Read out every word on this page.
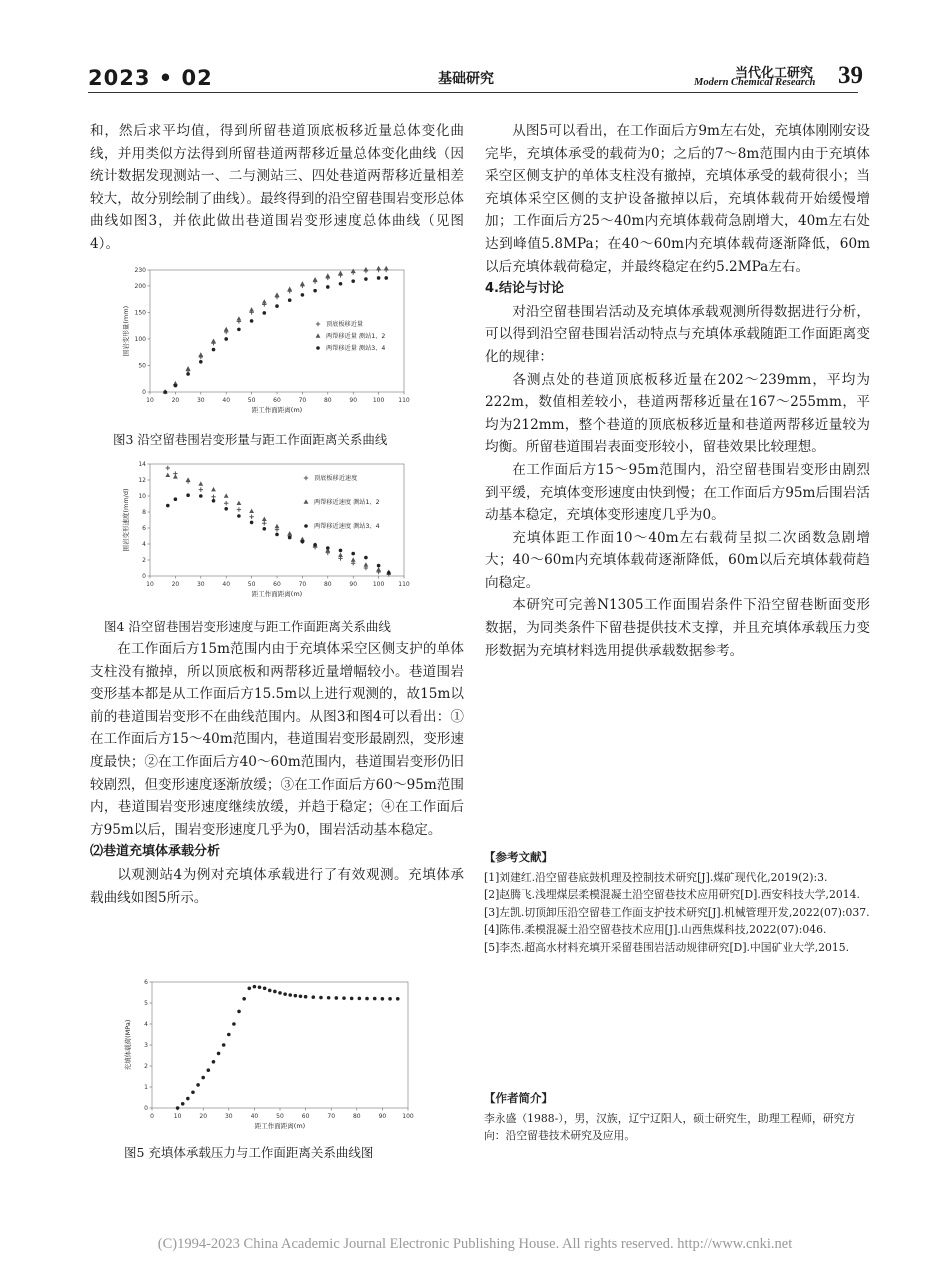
2023 • 02	基础研究	当代化工研究
Modern Chemical Research 39

和，然后求平均值，得到所留巷道顶底板移近量总体变化曲线，并用类似方法得到所留巷道两帮移近量总体变化曲线（因统计数据发现测站一、二与测站三、四处巷道两帮移近量相差较大，故分别绘制了曲线）。最终得到的沿空留巷围岩变形总体曲线如图3，并依此做出巷道围岩变形速度总体曲线（见图4）。

10	20	30	40	50	60	70	80	90	100 110
0
50
100
150
200
230
距工作面距离(m)
围岩变形量(mm)	顶底板移近量
两帮移近量 测站1、2
两帮移近量 测站3、4
图3 沿空留巷围岩变形量与距工作面距离关系曲线
10	20	30	40	50	60	70	80	90	100 110
0
2
4
6
8
10
12
14
距工作面距离(m)
围岩变形速度(mm/d)
顶底板移近速度
两帮移近速度 测站1、2
两帮移近速度 测站3、4
图4 沿空留巷围岩变形速度与距工作面距离关系曲线

在工作面后方15m范围内由于充填体采空区侧支护的单体支柱没有撤掉，所以顶底板和两帮移近量增幅较小。巷道围岩变形基本都是从工作面后方15.5m以上进行观测的，故15m以前的巷道围岩变形不在曲线范围内。从图3和图4可以看出：①在工作面后方15～40m范围内，巷道围岩变形最剧烈，变形速度最快；②在工作面后方40～60m范围内，巷道围岩变形仍旧较剧烈，但变形速度逐渐放缓；③在工作面后方60～95m范围内，巷道围岩变形速度继续放缓，并趋于稳定；④在工作面后方95m以后，围岩变形速度几乎为0，围岩活动基本稳定。

⑵巷道充填体承载分析

以观测站4为例对充填体承载进行了有效观测。充填体承载曲线如图5所示。

0	10	20	30	40	50	60	70	80	90	100
0
1
2
3
4
5
6
距工作面距离(m)
充填体载荷(MPa)
图5 充填体承载压力与工作面距离关系曲线图

从图5可以看出，在工作面后方9m左右处，充填体刚刚安设完毕，充填体承受的载荷为0；之后的7～8m范围内由于充填体采空区侧支护的单体支柱没有撤掉，充填体承受的载荷很小；当充填体采空区侧的支护设备撤掉以后，充填体载荷开始缓慢增加；工作面后方25～40m内充填体载荷急剧增大，40m左右处达到峰值5.8MPa；在40～60m内充填体载荷逐渐降低，60m以后充填体载荷稳定，并最终稳定在约5.2MPa左右。

4.结论与讨论

对沿空留巷围岩活动及充填体承载观测所得数据进行分析，可以得到沿空留巷围岩活动特点与充填体承载随距工作面距离变化的规律：

各测点处的巷道顶底板移近量在202～239mm，平均为222m，数值相差较小，巷道两帮移近量在167～255mm，平均为212mm，整个巷道的顶底板移近量和巷道两帮移近量较为均衡。所留巷道围岩表面变形较小，留巷效果比较理想。

在工作面后方15～95m范围内，沿空留巷围岩变形由剧烈到平缓，充填体变形速度由快到慢；在工作面后方95m后围岩活动基本稳定，充填体变形速度几乎为0。

充填体距工作面10～40m左右载荷呈拟二次函数急剧增大；40～60m内充填体载荷逐渐降低，60m以后充填体载荷趋向稳定。

本研究可完善N1305工作面围岩条件下沿空留巷断面变形数据，为同类条件下留巷提供技术支撑，并且充填体承载压力变形数据为充填材料选用提供承载数据参考。

【参考文献】

[1]刘建红.沿空留巷底鼓机理及控制技术研究[J].煤矿现代化,2019(2):3.

[2]赵腾飞.浅埋煤层柔模混凝土沿空留巷技术应用研究[D].西安科技大学,2014.

[3]左凯.切顶卸压沿空留巷工作面支护技术研究[J].机械管理开发,2022(07):037.

[4]陈伟.柔模混凝土沿空留巷技术应用[J].山西焦煤科技,2022(07):046.

[5]李杰.超高水材料充填开采留巷围岩活动规律研究[D].中国矿业大学,2015.

【作者简介】

李永盛（1988-），男，汉族，辽宁辽阳人，硕士研究生，助理工程师，研究方向：沿空留巷技术研究及应用。

(C)1994-2023 China Academic Journal Electronic Publishing House. All rights reserved. http://www.cnki.net
